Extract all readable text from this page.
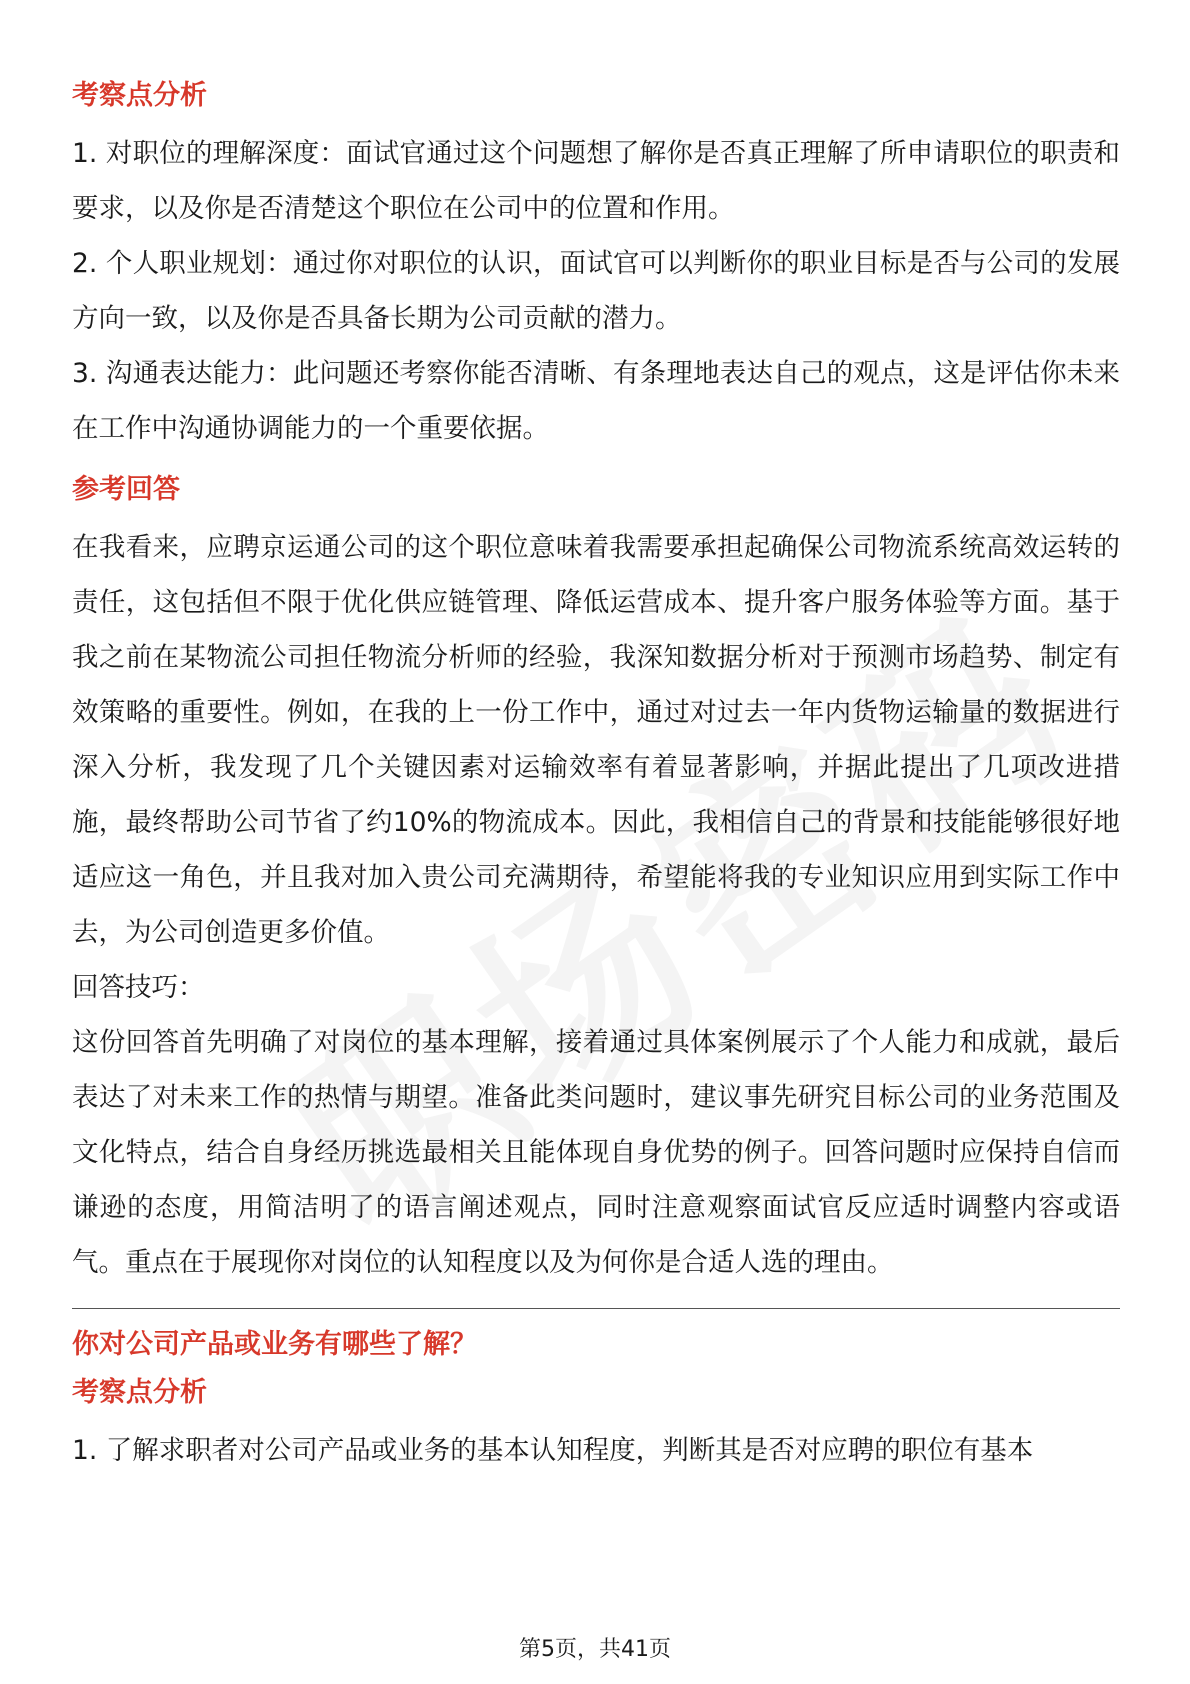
考察点分析

1. 对职位的理解深度：面试官通过这个问题想了解你是否真正理解了所申请职位的职责和要求，以及你是否清楚这个职位在公司中的位置和作用。

2. 个人职业规划：通过你对职位的认识，面试官可以判断你的职业目标是否与公司的发展方向一致，以及你是否具备长期为公司贡献的潜力。

3. 沟通表达能力：此问题还考察你能否清晰、有条理地表达自己的观点，这是评估你未来在工作中沟通协调能力的一个重要依据。

参考回答

在我看来，应聘京运通公司的这个职位意味着我需要承担起确保公司物流系统高效运转的责任，这包括但不限于优化供应链管理、降低运营成本、提升客户服务体验等方面。基于我之前在某物流公司担任物流分析师的经验，我深知数据分析对于预测市场趋势、制定有效策略的重要性。例如，在我的上一份工作中，通过对过去一年内货物运输量的数据进行深入分析，我发现了几个关键因素对运输效率有着显著影响，并据此提出了几项改进措施，最终帮助公司节省了约10%的物流成本。因此，我相信自己的背景和技能能够很好地适应这一角色，并且我对加入贵公司充满期待，希望能将我的专业知识应用到实际工作中去，为公司创造更多价值。

回答技巧：

这份回答首先明确了对岗位的基本理解，接着通过具体案例展示了个人能力和成就，最后表达了对未来工作的热情与期望。准备此类问题时，建议事先研究目标公司的业务范围及文化特点，结合自身经历挑选最相关且能体现自身优势的例子。回答问题时应保持自信而谦逊的态度，用简洁明了的语言阐述观点，同时注意观察面试官反应适时调整内容或语气。重点在于展现你对岗位的认知程度以及为何你是合适人选的理由。

你对公司产品或业务有哪些了解？
考察点分析

1. 了解求职者对公司产品或业务的基本认知程度，判断其是否对应聘的职位有基本

第5页，共41页
